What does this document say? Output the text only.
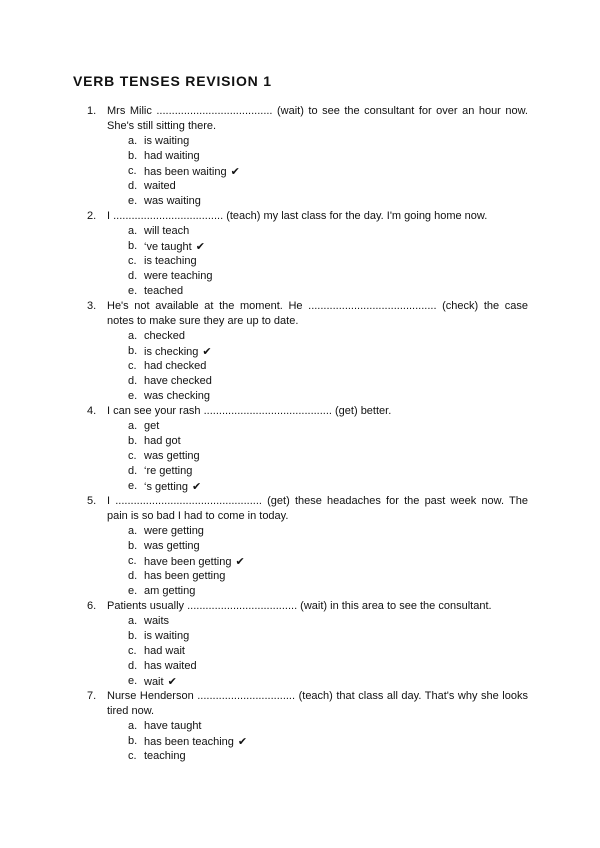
VERB TENSES REVISION 1
1. Mrs Milic ...................................... (wait) to see the consultant for over an hour now. She's still sitting there.
a. is waiting
b. had waiting
c. has been waiting ✔
d. waited
e. was waiting
2. I .................................... (teach) my last class for the day. I'm going home now.
a. will teach
b. ‘ve taught ✔
c. is teaching
d. were teaching
e. teached
3. He's not available at the moment. He .......................................... (check) the case notes to make sure they are up to date.
a. checked
b. is checking ✔
c. had checked
d. have checked
e. was checking
4. I can see your rash .......................................... (get) better.
a. get
b. had got
c. was getting
d. ‘re getting
e. ‘s getting ✔
5. I ................................................ (get) these headaches for the past week now. The pain is so bad I had to come in today.
a. were getting
b. was getting
c. have been getting ✔
d. has been getting
e. am getting
6. Patients usually .................................... (wait) in this area to see the consultant.
a. waits
b. is waiting
c. had wait
d. has waited
e. wait ✔
7. Nurse Henderson ................................ (teach) that class all day. That's why she looks tired now.
a. have taught
b. has been teaching ✔
c. teaching
